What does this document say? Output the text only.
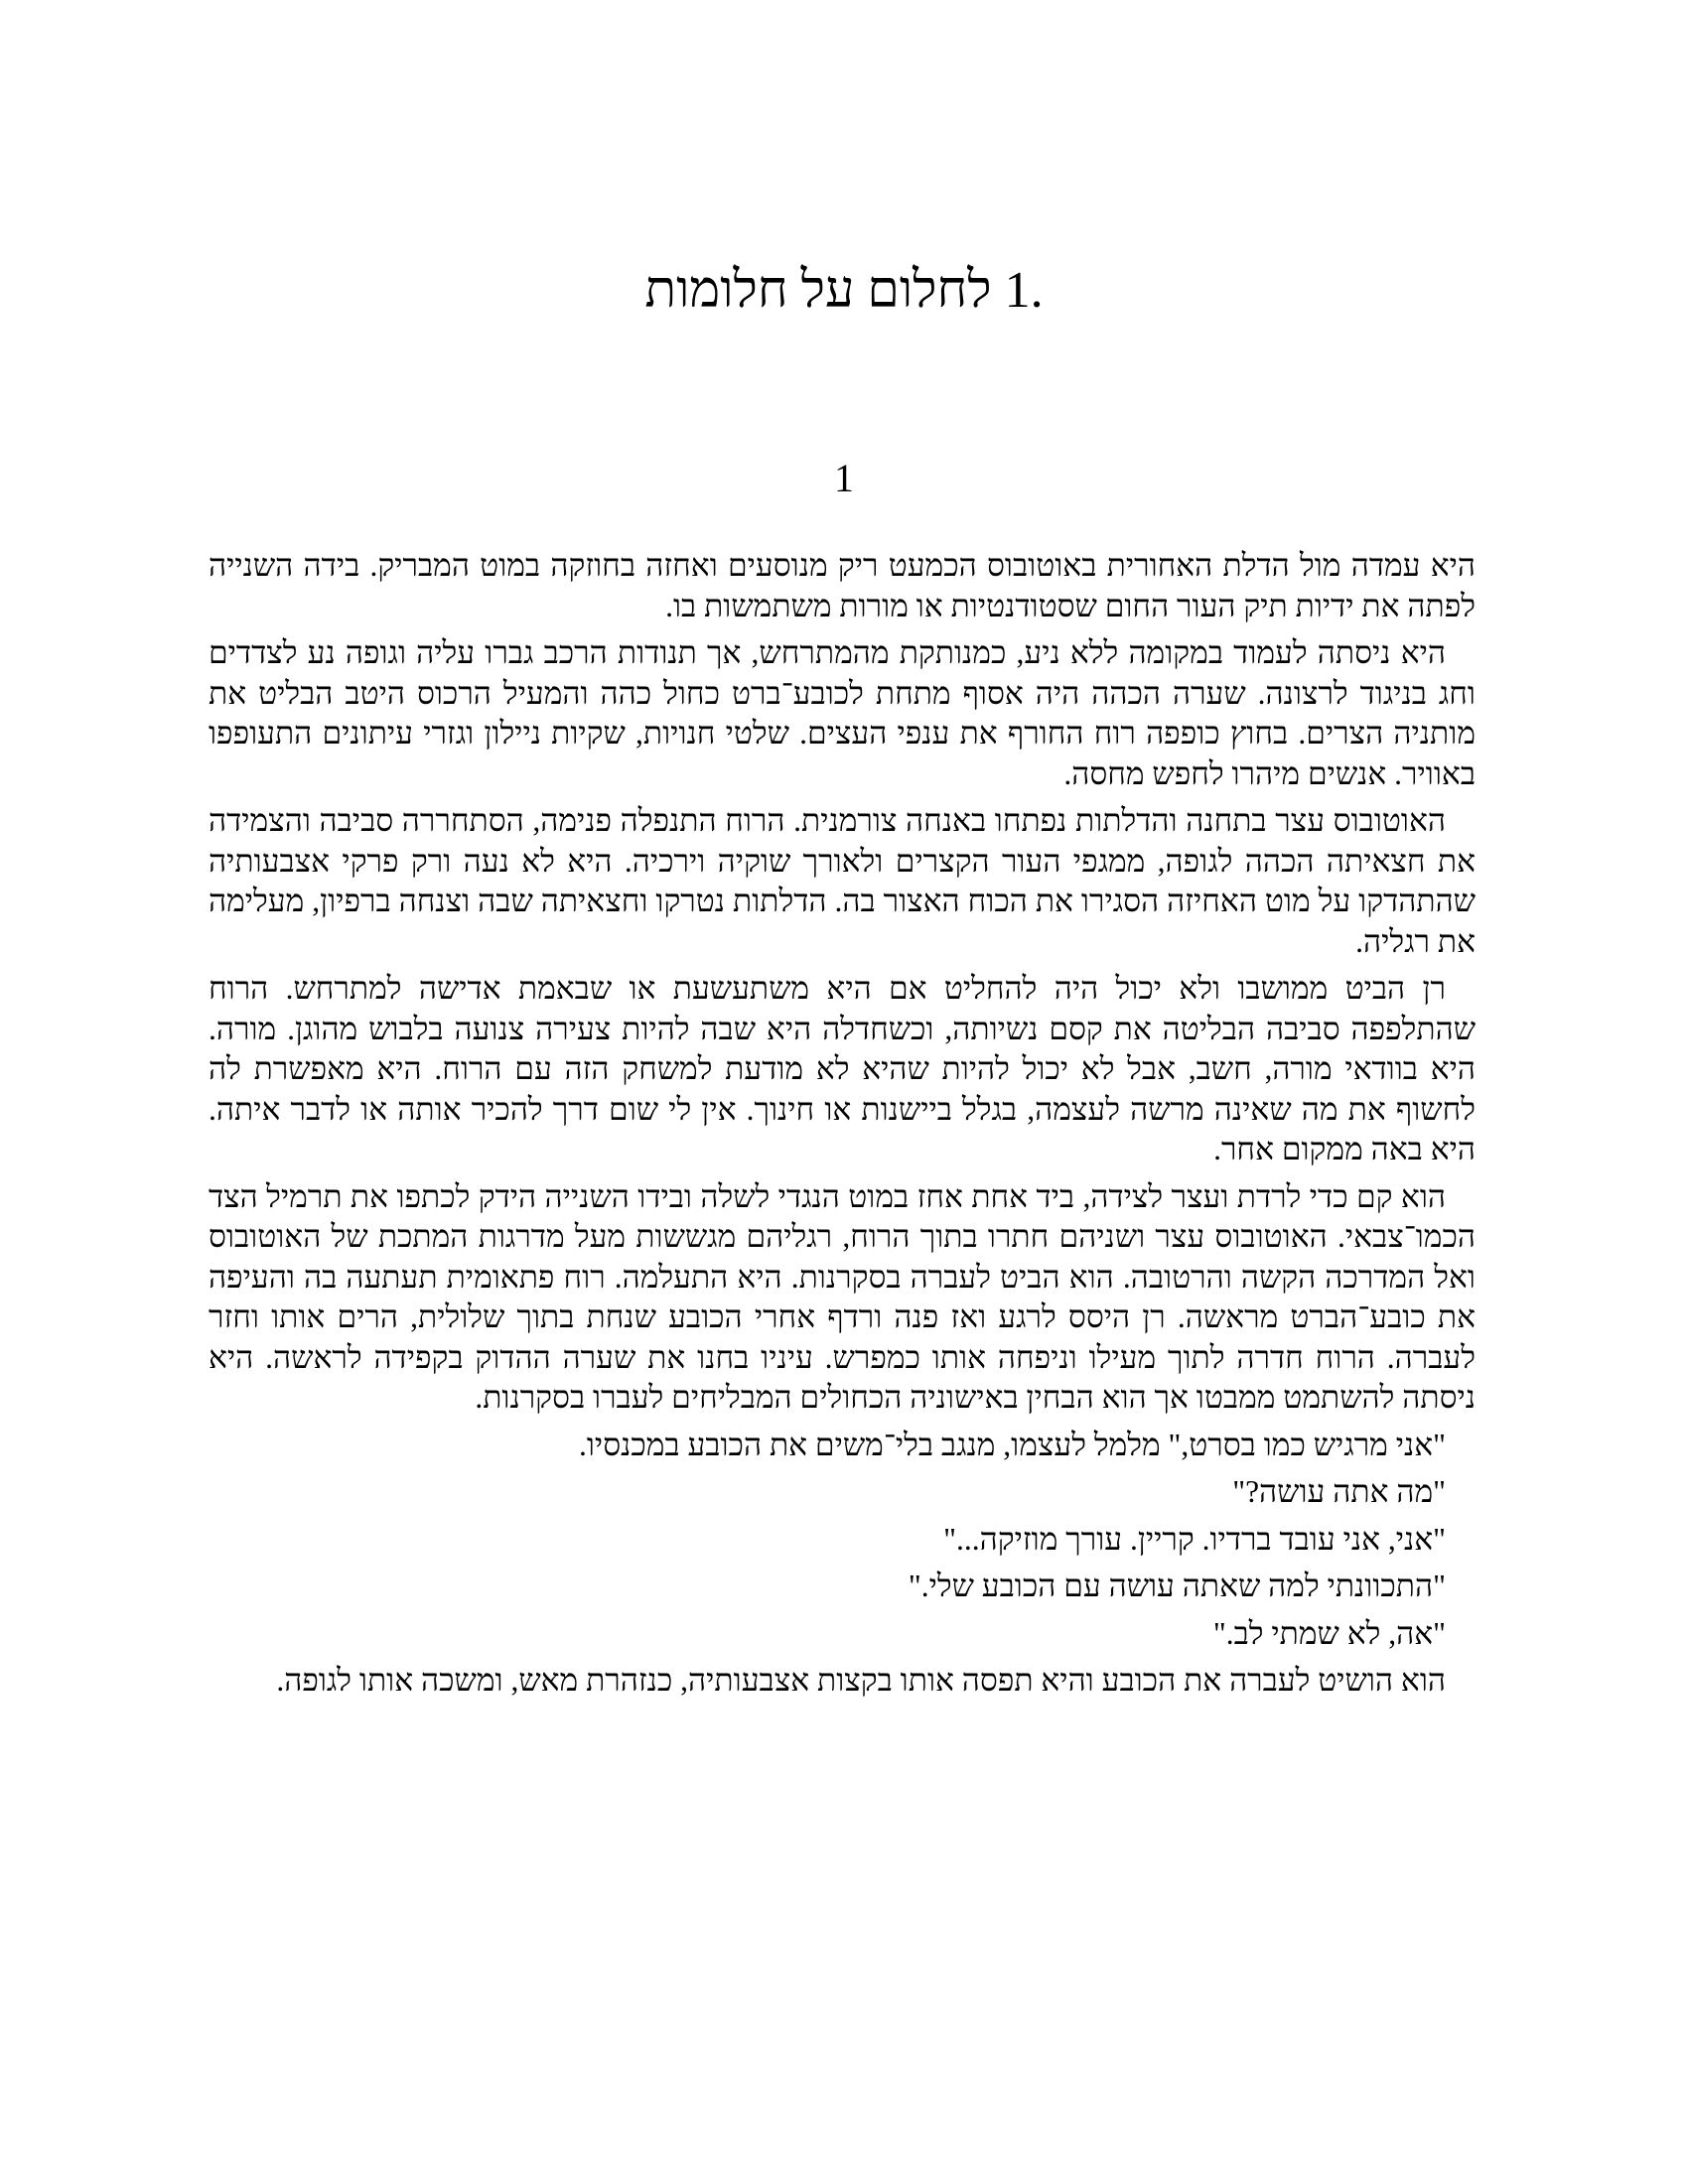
1. לחלום על חלומות
1

היא עמדה מול הדלת האחורית באוטובוס הכמעט ריק מנוסעים ואחזה בחוזקה במוט המבריק. בידה השנייה לפתה את ידיות תיק העור החום שסטודנטיות או מורות משתמשות בו.

היא ניסתה לעמוד במקומה ללא ניע, כמנותקת מהמתרחש, אך תנודות הרכב גברו עליה וגופה נע לצדדים וחג בניגוד לרצונה. שערה הכהה היה אסוף מתחת לכובע־ברט כחול כהה והמעיל הרכוס היטב הבליט את מותניה הצרים. בחוץ כופפה רוח החורף את ענפי העצים. שלטי חנויות, שקיות ניילון וגזרי עיתונים התעופפו באוויר. אנשים מיהרו לחפש מחסה.

האוטובוס עצר בתחנה והדלתות נפתחו באנחה צורמנית. הרוח התנפלה פנימה, הסתחררה סביבה והצמידה את חצאיתה הכהה לגופה, ממגפי העור הקצרים ולאורך שוקיה וירכיה. היא לא נעה ורק פרקי אצבעותיה שהתהדקו על מוט האחיזה הסגירו את הכוח האצור בה. הדלתות נטרקו וחצאיתה שבה וצנחה ברפיון, מעלימה את רגליה.

רן הביט ממושבו ולא יכול היה להחליט אם היא משתעשעת או שבאמת אדישה למתרחש. הרוח שהתלפפה סביבה הבליטה את קסם נשיותה, וכשחדלה היא שבה להיות צעירה צנועה בלבוש מהוגן. מורה. היא בוודאי מורה, חשב, אבל לא יכול להיות שהיא לא מודעת למשחק הזה עם הרוח. היא מאפשרת לה לחשוף את מה שאינה מרשה לעצמה, בגלל ביישנות או חינוך. אין לי שום דרך להכיר אותה או לדבר איתה. היא באה ממקום אחר.

הוא קם כדי לרדת ועצר לצידה, ביד אחת אחז במוט הנגדי לשלה ובידו השנייה הידק לכתפו את תרמיל הצד הכמו־צבאי. האוטובוס עצר ושניהם חתרו בתוך הרוח, רגליהם מגששות מעל מדרגות המתכת של האוטובוס ואל המדרכה הקשה והרטובה. הוא הביט לעברה בסקרנות. היא התעלמה. רוח פתאומית תעתעה בה והעיפה את כובע־הברט מראשה. רן היסס לרגע ואז פנה ורדף אחרי הכובע שנחת בתוך שלולית, הרים אותו וחזר לעברה. הרוח חדרה לתוך מעילו וניפחה אותו כמפרש. עיניו בחנו את שערה ההדוק בקפידה לראשה. היא ניסתה להשתמט ממבטו אך הוא הבחין באישוניה הכחולים המבליחים לעברו בסקרנות.

"אני מרגיש כמו בסרט," מלמל לעצמו, מנגב בלי־משים את הכובע במכנסיו.

"מה אתה עושה?"

"אני, אני עובד ברדיו. קריין. עורך מוזיקה..."

"התכוונתי למה שאתה עושה עם הכובע שלי."

"אה, לא שמתי לב."

הוא הושיט לעברה את הכובע והיא תפסה אותו בקצות אצבעותיה, כנזהרת מאש, ומשכה אותו לגופה.
